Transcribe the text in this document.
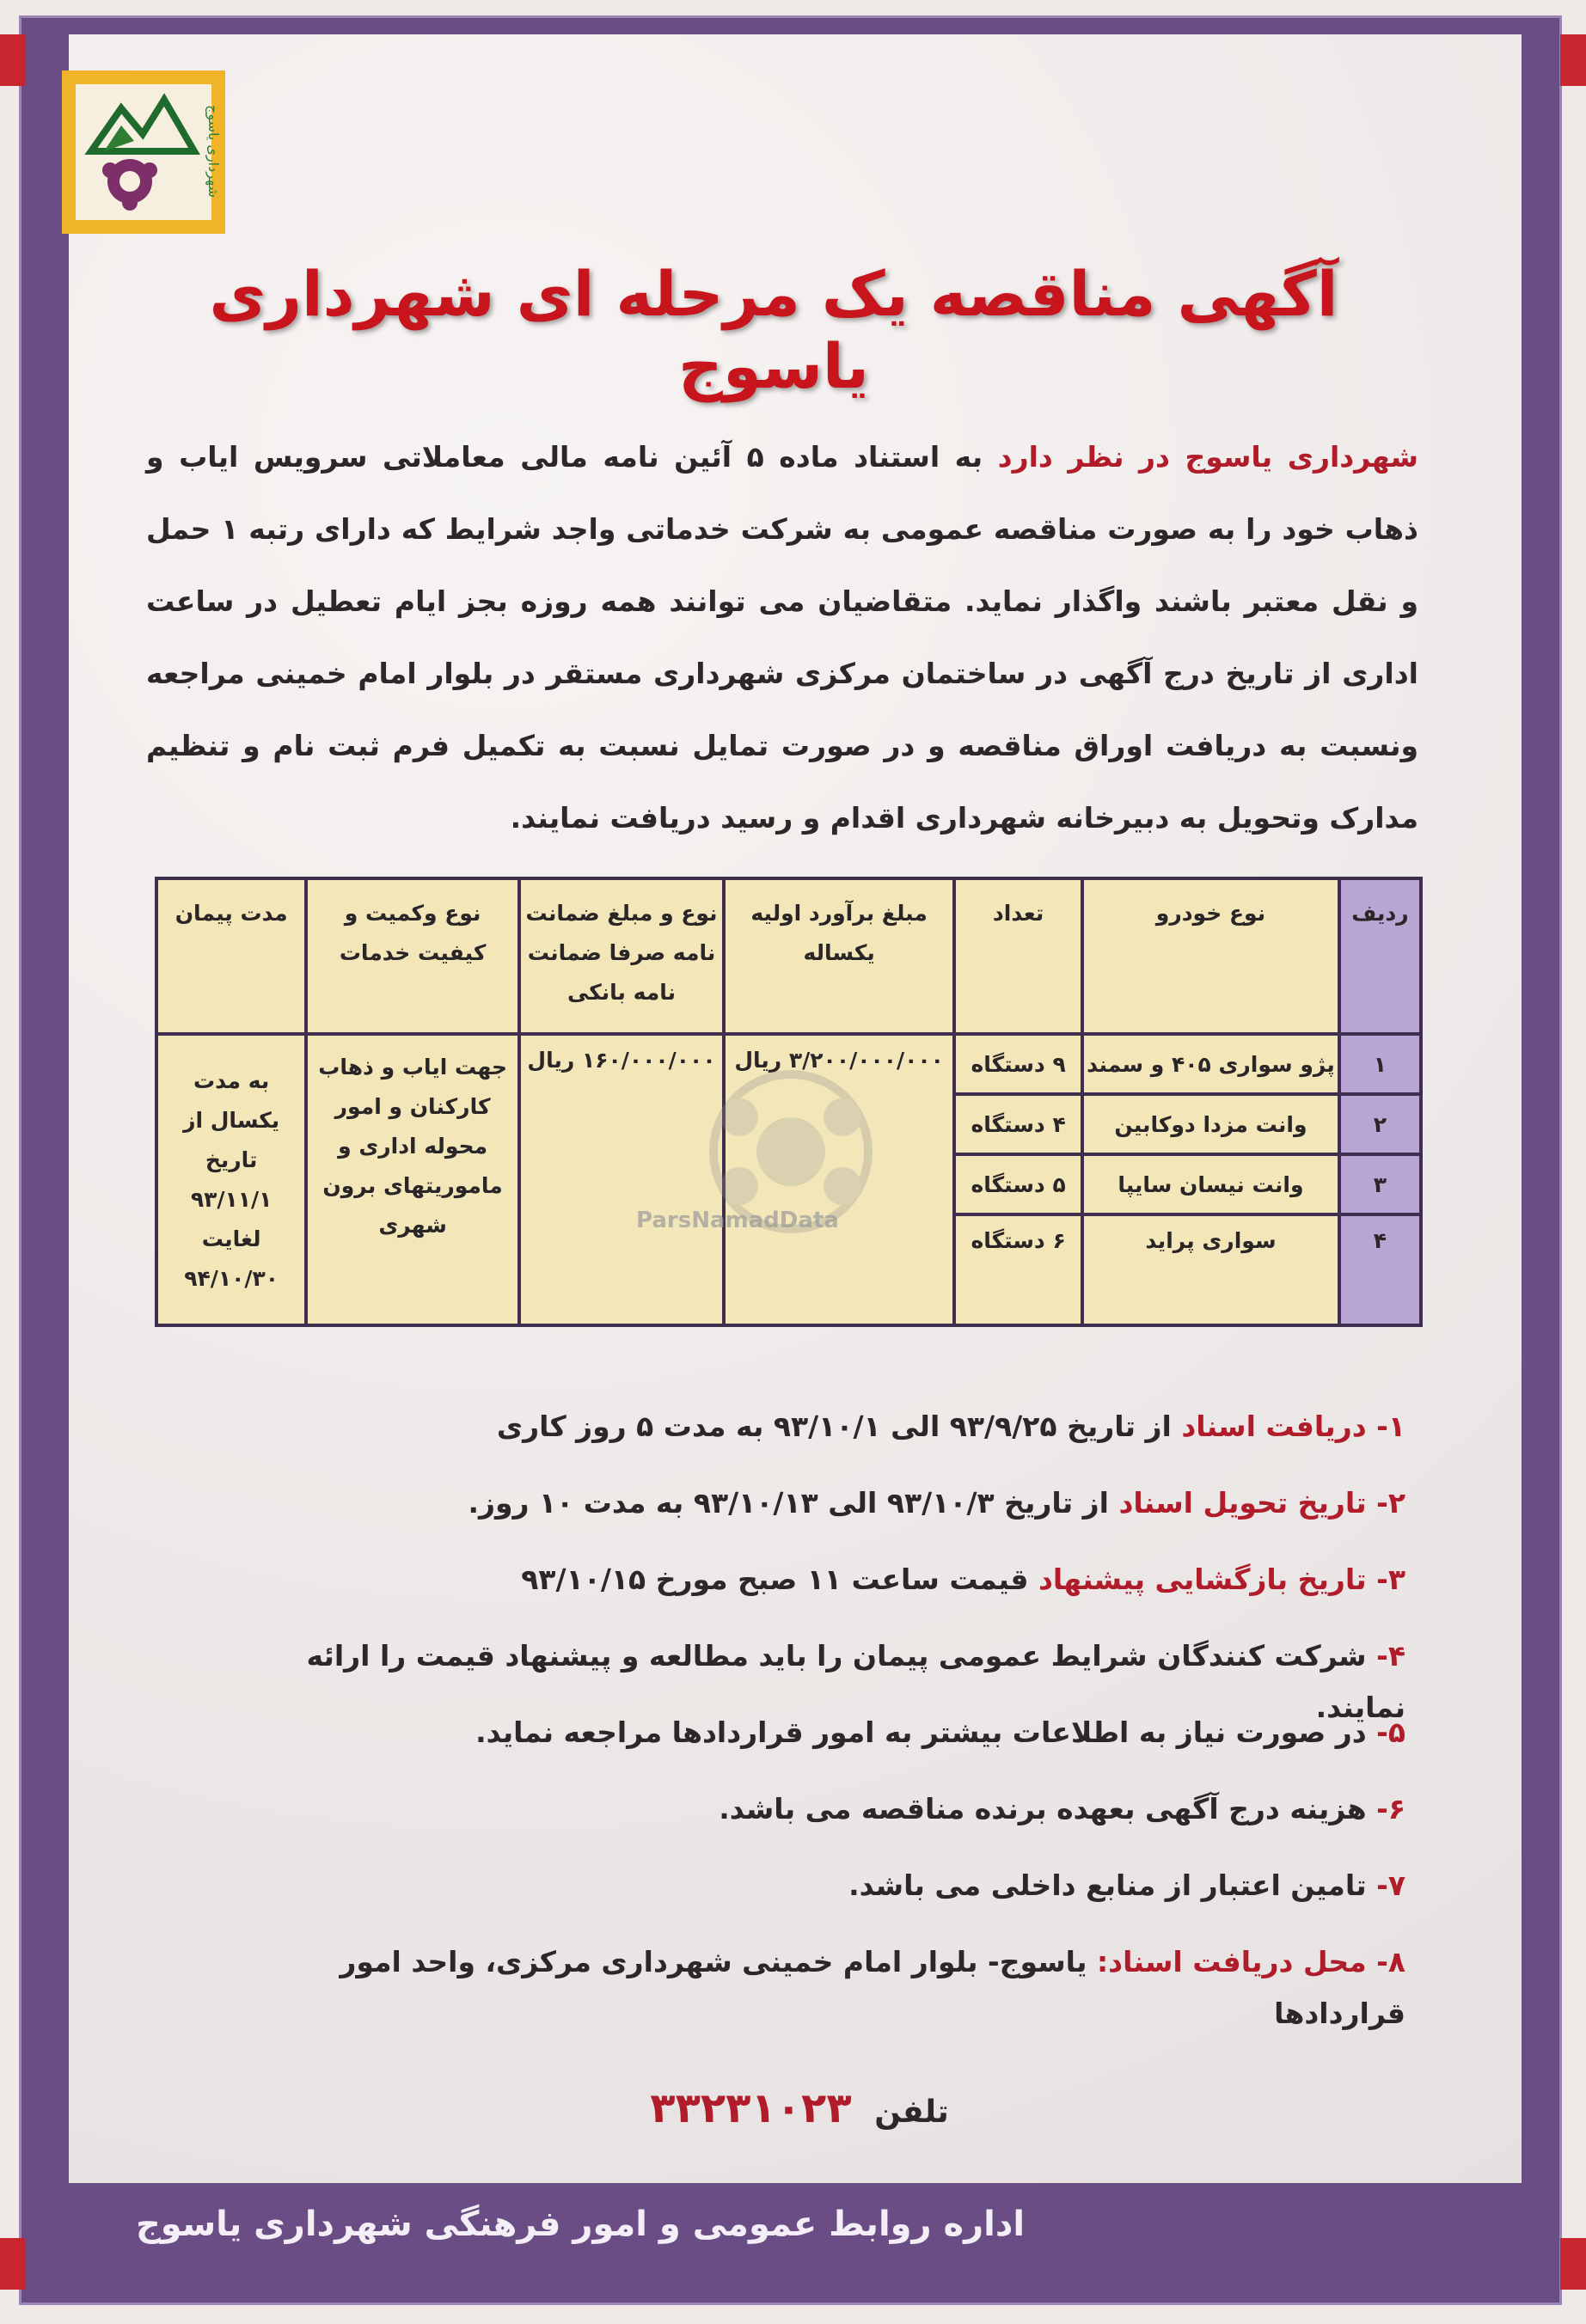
شهرداری یاسوج
آگهی مناقصه یک مرحله ای شهرداری یاسوج
شهرداری یاسوج در نظر دارد به استناد ماده ۵ آئین نامه مالی معاملاتی سرویس ایاب و ذهاب خود را به صورت مناقصه عمومی به شرکت خدماتی واجد شرایط که دارای رتبه ۱ حمل و نقل معتبر باشند واگذار نماید. متقاضیان می توانند همه روزه بجز ایام تعطیل در ساعت اداری از تاریخ درج آگهی در ساختمان مرکزی شهرداری مستقر در بلوار امام خمینی مراجعه ونسبت به دریافت اوراق مناقصه و در صورت تمایل نسبت به تکمیل فرم ثبت نام و تنظیم مدارک وتحویل به دبیرخانه شهرداری اقدام و رسید دریافت نمایند.
ردیف	نوع خودرو	تعداد	مبلغ برآورد اولیه یکساله	نوع و مبلغ ضمانت نامه صرفا ضمانت نامه بانکی	نوع وکمیت و کیفیت خدمات	مدت پیمان
۱	پژو سواری ۴۰۵ و سمند	۹ دستگاه	۳/۲۰۰/۰۰۰/۰۰۰ ریال	۱۶۰/۰۰۰/۰۰۰ ریال	جهت ایاب و ذهاب کارکنان و امور محوله اداری و ماموریتهای برون شهری	به مدت یکسال از تاریخ ۹۳/۱۱/۱ لغایت ۹۴/۱۰/۳۰
۲	وانت مزدا دوکابین	۴ دستگاه				
۳	وانت نیسان سایپا	۵ دستگاه				
۴	سواری پراید	۶ دستگاه				
ParsNamadData
۱- دریافت اسناد از تاریخ ۹۳/۹/۲۵ الی ۹۳/۱۰/۱ به مدت ۵ روز کاری
۲- تاریخ تحویل اسناد از تاریخ ۹۳/۱۰/۳ الی ۹۳/۱۰/۱۳ به مدت ۱۰ روز.
۳- تاریخ بازگشایی پیشنهاد قیمت ساعت ۱۱ صبح مورخ ۹۳/۱۰/۱۵
۴- شرکت کنندگان شرایط عمومی پیمان را باید مطالعه و پیشنهاد قیمت را ارائه نمایند.
۵- در صورت نیاز به اطلاعات بیشتر به امور قراردادها مراجعه نماید.
۶- هزینه درج آگهی بعهده برنده مناقصه می باشد.
۷- تامین اعتبار از منابع داخلی می باشد.
۸- محل دریافت اسناد: یاسوج- بلوار امام خمینی شهرداری مرکزی، واحد امور قراردادها
تلفن ۳۳۲۳۱۰۲۳
اداره روابط عمومی و امور فرهنگی شهرداری یاسوج
